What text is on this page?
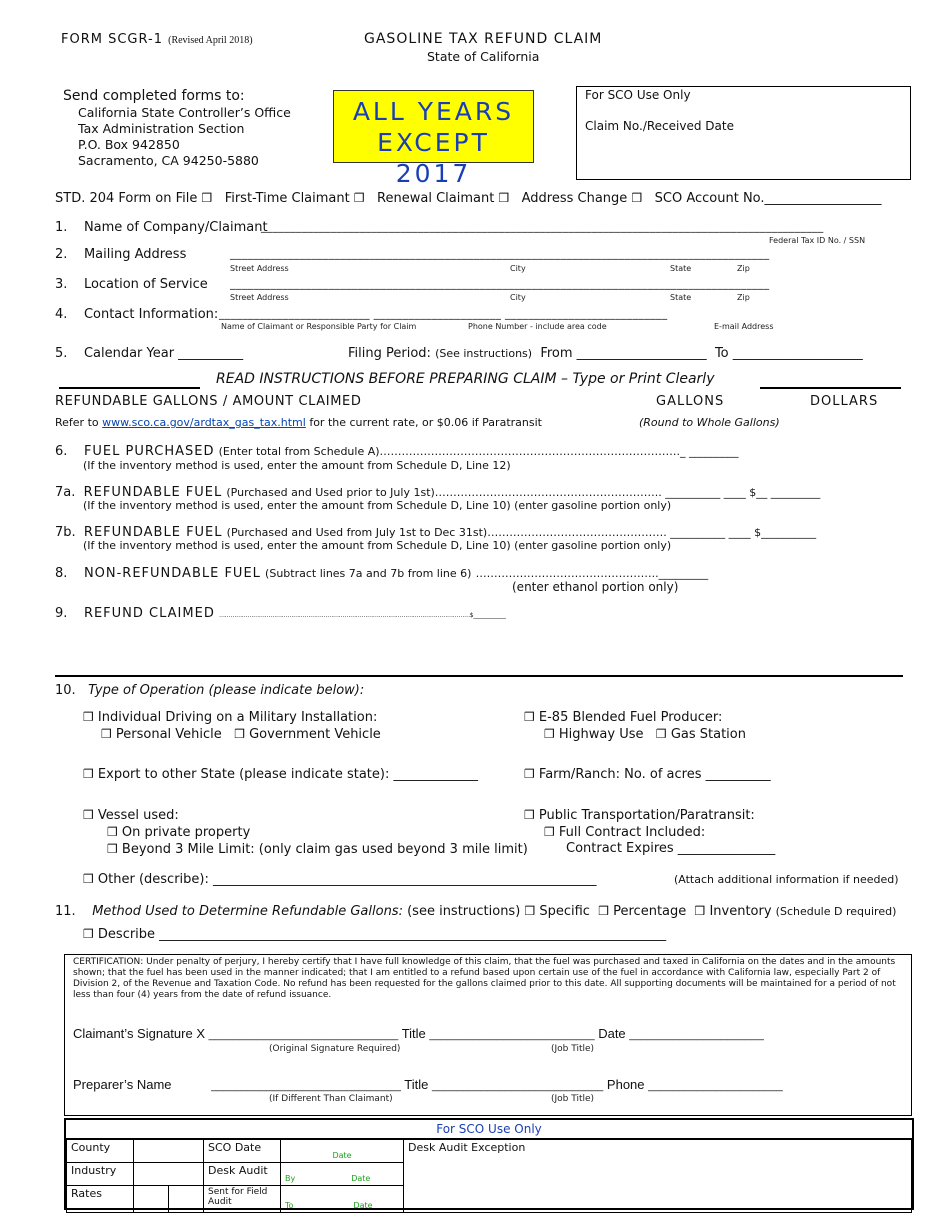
FORM SCGR-1 (Revised April 2018)	GASOLINE TAX REFUND CLAIM
State of California
Send completed forms to:
California State Controller’s Office
Tax Administration Section
P.O. Box 942850
Sacramento, CA 94250-5880
ALL YEARS
EXCEPT 2017
For SCO Use Only
Claim No./Received Date
STD. 204 Form on File ❒ First-Time Claimant ❒ Renewal Claimant ❒ Address Change ❒ SCO Account No.__________________
1. Name of Company/Claimant
_________________________________________________________________________________________________
Federal Tax ID No. / SSN
2. Mailing Address	_____________________________________________________________________________________________
Street Address	City	State	Zip
3. Location of Service _____________________________________________________________________________________________
Street Address	City	State	Zip
4. Contact Information: __________________________ ______________________ ____________________________
Name of Claimant or Responsible Party for Claim	Phone Number - include area code	E-mail Address
5. Calendar Year __________	Filing Period: (See instructions) From ____________________ To ____________________
READ INSTRUCTIONS BEFORE PREPARING CLAIM – Type or Print Clearly
REFUNDABLE GALLONS / AMOUNT CLAIMED	GALLONS	DOLLARS
Refer to www.sco.ca.gov/ardtax_gas_tax.html for the current rate, or $0.06 if Paratransit	(Round to Whole Gallons)
6. FUEL PURCHASED (Enter total from Schedule A)………………………………………………………………………._ _________
(If the inventory method is used, enter the amount from Schedule D, Line 12)
7a. REFUNDABLE FUEL (Purchased and Used prior to July 1st)…………………………………………………….. __________ ____ $__ _________
(If the inventory method is used, enter the amount from Schedule D, Line 10) (enter gasoline portion only)
7b. REFUNDABLE FUEL (Purchased and Used from July 1st to Dec 31st)…………………………………………. __________ ____ $__________
(If the inventory method is used, enter the amount from Schedule D, Line 10) (enter gasoline portion only)
8. NON-REFUNDABLE FUEL (Subtract lines 7a and 7b from line 6) ………………………………………….._________
(enter ethanol portion only)
9. REFUND CLAIMED ……………………………………………………………………………………………………………………$____________
10. Type of Operation (please indicate below):
❒ Individual Driving on a Military Installation:
❒ Personal Vehicle ❒ Government Vehicle
❒ E-85 Blended Fuel Producer:
❒ Highway Use ❒ Gas Station
❒ Export to other State (please indicate state): _____________	❒ Farm/Ranch: No. of acres __________
❒ Vessel used:
❒ On private property
❒ Beyond 3 Mile Limit: (only claim gas used beyond 3 mile limit)
❒ Public Transportation/Paratransit:
❒ Full Contract Included:
Contract Expires _______________
❒ Other (describe): ___________________________________________________________	(Attach additional information if needed)
11. Method Used to Determine Refundable Gallons: (see instructions) ❒ Specific ❒ Percentage ❒ Inventory (Schedule D required)
❒ Describe ______________________________________________________________________________
CERTIFICATION: Under penalty of perjury, I hereby certify that I have full knowledge of this claim, that the fuel was purchased and taxed in California on the dates and in the amounts shown; that the fuel has been used in the manner indicated; that I am entitled to a refund based upon certain use of the fuel in accordance with California law, especially Part 2 of Division 2, of the Revenue and Taxation Code. No refund has been requested for the gallons claimed prior to this date. All supporting documents will be maintained for a period of not less than four (4) years from the date of refund issuance.
Claimant’s Signature X _______________________________ Title ___________________________ Date ______________________
(Original Signature Required)	(Job Title)
Preparer’s Name	_______________________________ Title ____________________________ Phone ______________________
(If Different Than Claimant)	(Job Title)
For SCO Use Only
County			SCO Date	Date	Desk Audit Exception
Industry			Desk Audit	By Date	
Rates			Sent for Field Audit	To Date	
